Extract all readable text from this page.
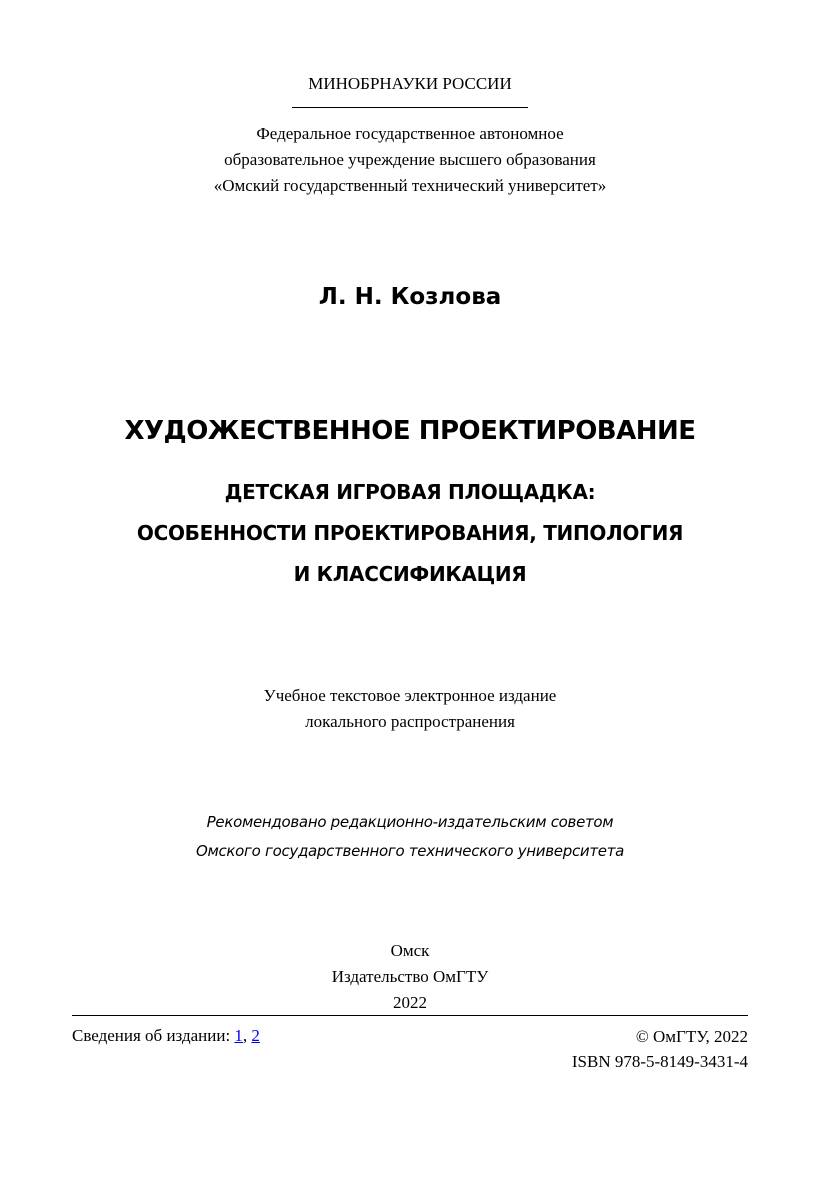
МИНОБРНАУКИ РОССИИ
Федеральное государственное автономное
образовательное учреждение высшего образования
«Омский государственный технический университет»
Л. Н. Козлова
ХУДОЖЕСТВЕННОЕ ПРОЕКТИРОВАНИЕ
ДЕТСКАЯ ИГРОВАЯ ПЛОЩАДКА:
ОСОБЕННОСТИ ПРОЕКТИРОВАНИЯ, ТИПОЛОГИЯ
И КЛАССИФИКАЦИЯ
Учебное текстовое электронное издание
локального распространения
Рекомендовано редакционно-издательским советом
Омского государственного технического университета
Омск
Издательство ОмГТУ
2022
Сведения об издании: 1, 2	© ОмГТУ, 2022
ISBN 978-5-8149-3431-4
